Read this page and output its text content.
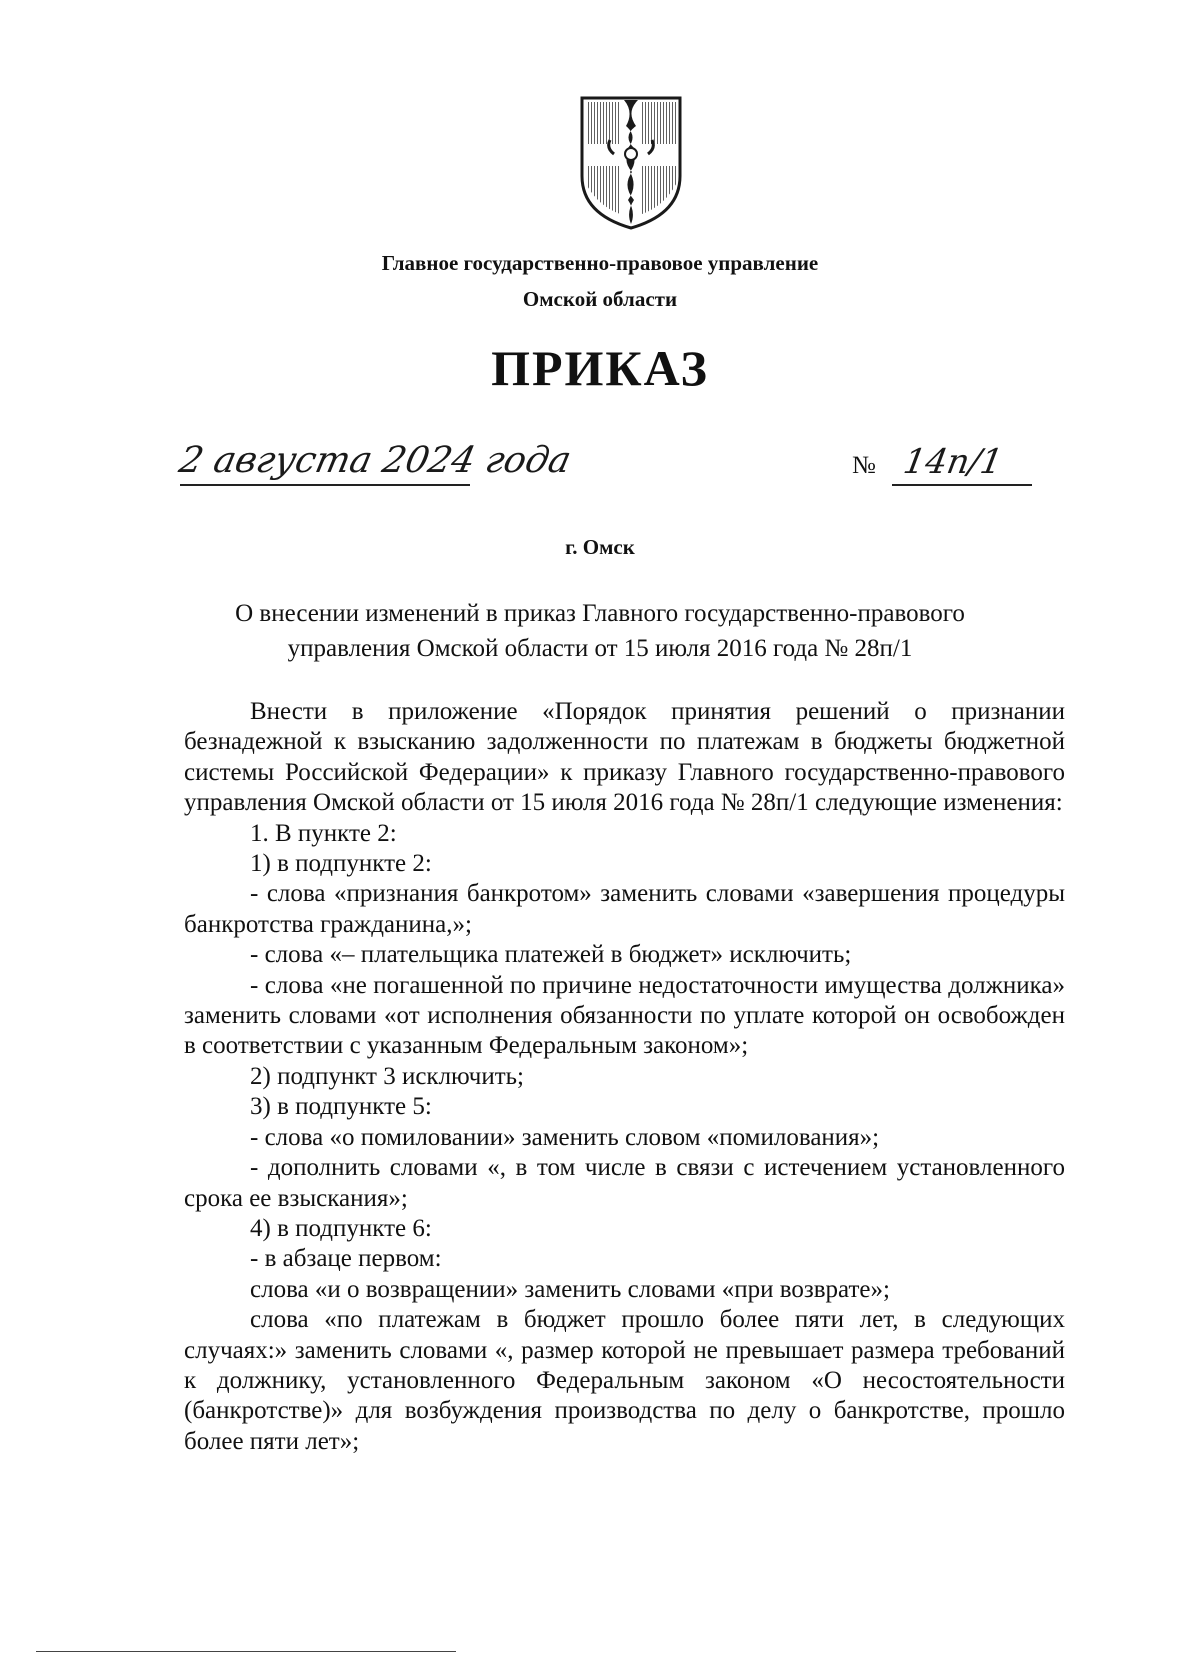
Главное государственно-правовое управление
Омской области
ПРИКАЗ
2 августа 2024 года	№ 14п/1
г. Омск
О внесении изменений в приказ Главного государственно-правового
управления Омской области от 15 июля 2016 года № 28п/1

Внести в приложение «Порядок принятия решений о признании безнадежной к взысканию задолженности по платежам в бюджеты бюджетной системы Российской Федерации» к приказу Главного государственно-правового управления Омской области от 15 июля 2016 года № 28п/1 следующие изменения:

1. В пункте 2:

1) в подпункте 2:

- слова «признания банкротом» заменить словами «завершения процедуры банкротства гражданина,»;

- слова «– плательщика платежей в бюджет» исключить;

- слова «не погашенной по причине недостаточности имущества должника» заменить словами «от исполнения обязанности по уплате которой он освобожден в соответствии с указанным Федеральным законом»;

2) подпункт 3 исключить;

3) в подпункте 5:

- слова «о помиловании» заменить словом «помилования»;

- дополнить словами «, в том числе в связи с истечением установленного срока ее взыскания»;

4) в подпункте 6:

- в абзаце первом:

слова «и о возвращении» заменить словами «при возврате»;

слова «по платежам в бюджет прошло более пяти лет, в следующих случаях:» заменить словами «, размер которой не превышает размера требований к должнику, установленного Федеральным законом «О несостоятельности (банкротстве)» для возбуждения производства по делу о банкротстве, прошло более пяти лет»;
